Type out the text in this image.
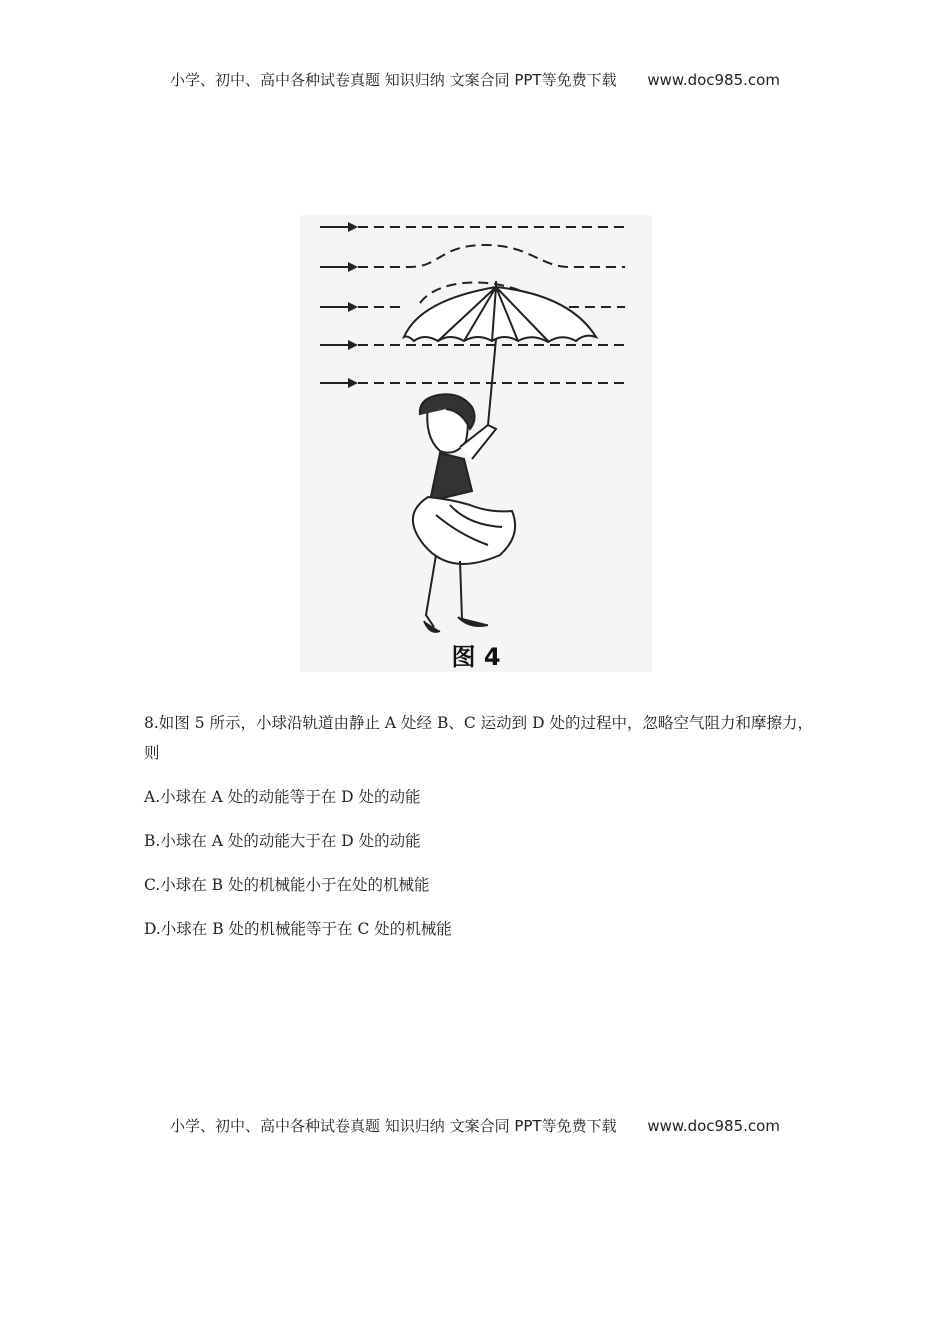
小学、初中、高中各种试卷真题 知识归纳 文案合同 PPT等免费下载 www.doc985.com
图 4
8.如图 5 所示，小球沿轨道由静止 A 处经 B、C 运动到 D 处的过程中，忽略空气阻力和摩擦力，则
A.小球在 A 处的动能等于在 D 处的动能
B.小球在 A 处的动能大于在 D 处的动能
C.小球在 B 处的机械能小于在处的机械能
D.小球在 B 处的机械能等于在 C 处的机械能
小学、初中、高中各种试卷真题 知识归纳 文案合同 PPT等免费下载 www.doc985.com
